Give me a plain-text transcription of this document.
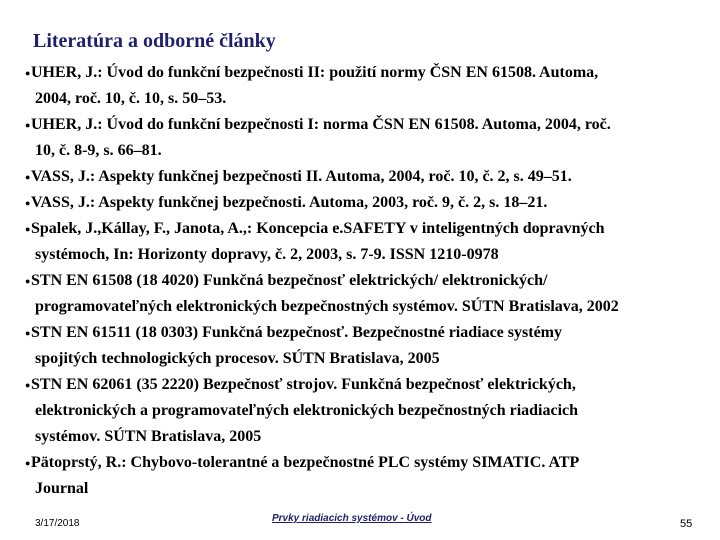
Literatúra a odborné články
● UHER, J.: Úvod do funkční bezpečnosti II: použití normy ČSN EN 61508. Automa,
2004, roč. 10, č. 10, s. 50–53.
● UHER, J.: Úvod do funkční bezpečnosti I: norma ČSN EN 61508. Automa, 2004, roč.
10, č. 8-9, s. 66–81.
● VASS, J.: Aspekty funkčnej bezpečnosti II. Automa, 2004, roč. 10, č. 2, s. 49–51.
● VASS, J.: Aspekty funkčnej bezpečnosti. Automa, 2003, roč. 9, č. 2, s. 18–21.
● Spalek, J.,Kállay, F., Janota, A.,: Koncepcia e.SAFETY v inteligentných dopravných
systémoch, In: Horizonty dopravy, č. 2, 2003, s. 7-9. ISSN 1210-0978
● STN EN 61508 (18 4020) Funkčná bezpečnosť elektrických/ elektronických/
programovateľných elektronických bezpečnostných systémov. SÚTN Bratislava, 2002
● STN EN 61511 (18 0303) Funkčná bezpečnosť. Bezpečnostné riadiace systémy
spojitých technologických procesov. SÚTN Bratislava, 2005
● STN EN 62061 (35 2220) Bezpečnosť strojov. Funkčná bezpečnosť elektrických,
elektronických a programovateľných elektronických bezpečnostných riadiacich
systémov. SÚTN Bratislava, 2005
● Pätoprstý, R.: Chybovo-tolerantné a bezpečnostné PLC systémy SIMATIC. ATP
Journal
3/17/2018	Prvky riadiacich systémov - Úvod	55
